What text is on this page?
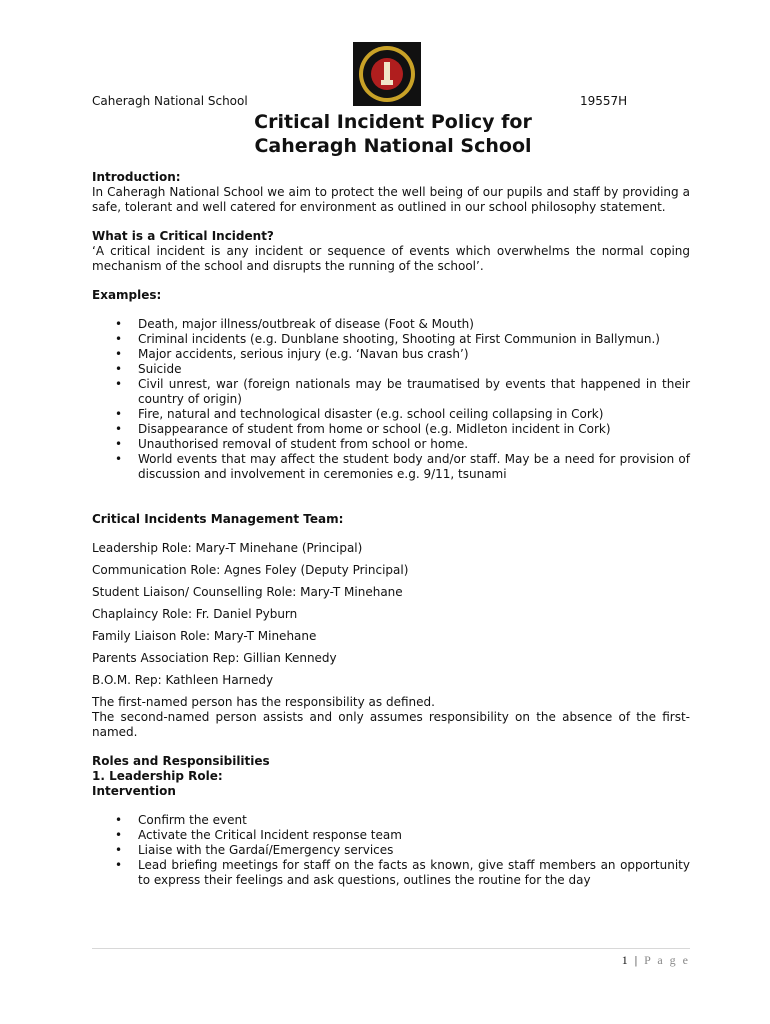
Caheragh National School	19557H
Critical Incident Policy for
Caheragh National School

Introduction:

In Caheragh National School we aim to protect the well being of our pupils and staff by providing a safe, tolerant and well catered for environment as outlined in our school philosophy statement.

What is a Critical Incident?

‘A critical incident is any incident or sequence of events which overwhelms the normal coping mechanism of the school and disrupts the running of the school’.

Examples:

• Death, major illness/outbreak of disease (Foot & Mouth)
• Criminal incidents (e.g. Dunblane shooting, Shooting at First Communion in Ballymun.)
• Major accidents, serious injury (e.g. ‘Navan bus crash’)
• Suicide
• Civil unrest, war (foreign nationals may be traumatised by events that happened in their country of origin)
• Fire, natural and technological disaster (e.g. school ceiling collapsing in Cork)
• Disappearance of student from home or school (e.g. Midleton incident in Cork)
• Unauthorised removal of student from school or home.
• World events that may affect the student body and/or staff. May be a need for provision of discussion and involvement in ceremonies e.g. 9/11, tsunami

Critical Incidents Management Team:

Leadership Role: Mary-T Minehane (Principal)

Communication Role: Agnes Foley (Deputy Principal)

Student Liaison/ Counselling Role: Mary-T Minehane

Chaplaincy Role: Fr. Daniel Pyburn

Family Liaison Role: Mary-T Minehane

Parents Association Rep: Gillian Kennedy

B.O.M. Rep: Kathleen Harnedy

The first-named person has the responsibility as defined.

The second-named person assists and only assumes responsibility on the absence of the first-named.

Roles and Responsibilities

1. Leadership Role:

Intervention

• Confirm the event
• Activate the Critical Incident response team
• Liaise with the Gardaí/Emergency services
• Lead briefing meetings for staff on the facts as known, give staff members an opportunity to express their feelings and ask questions, outlines the routine for the day
1 | P a g e
